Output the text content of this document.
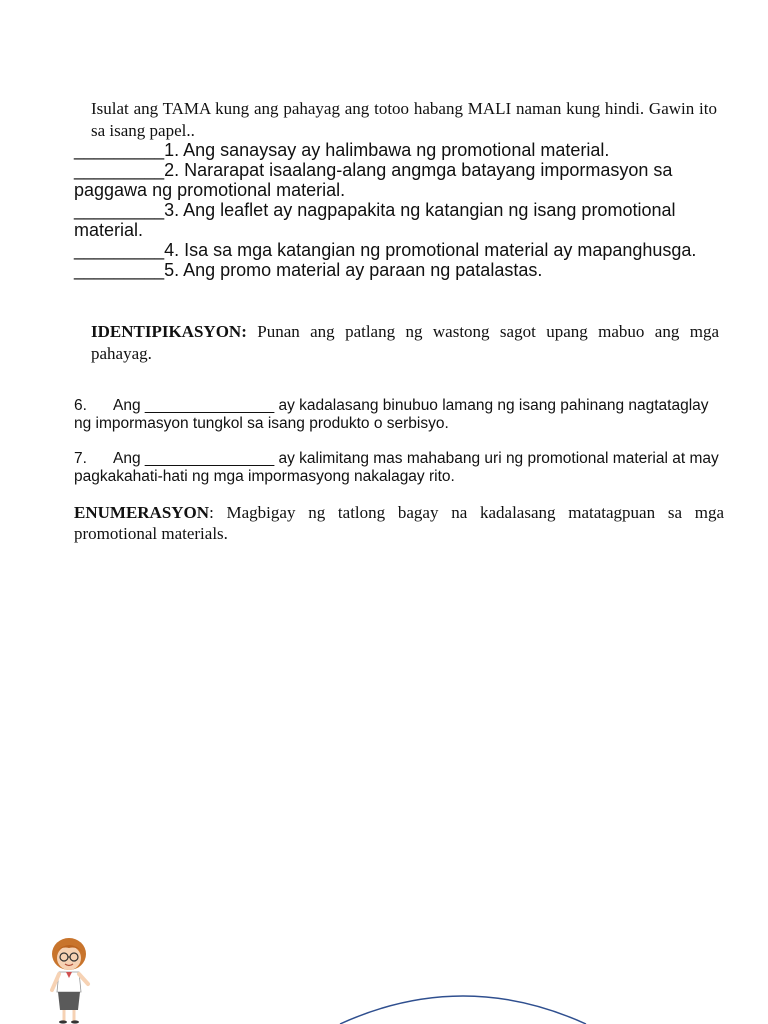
Isulat ang TAMA kung ang pahayag ang totoo habang MALI naman kung hindi. Gawin ito sa isang papel..

_________1. Ang sanaysay ay halimbawa ng promotional material.

_________2. Nararapat isaalang-alang angmga batayang impormasyon sa paggawa ng promotional material.

_________3. Ang leaflet ay nagpapakita ng katangian ng isang promotional material.

_________4. Isa sa mga katangian ng promotional material ay mapanghusga.

_________5. Ang promo material ay paraan ng patalastas.

IDENTIPIKASYON: Punan ang patlang ng wastong sagot upang mabuo ang mga pahayag.
6. Ang _______________ ay kadalasang binubuo lamang ng isang pahinang nagtataglay ng impormasyon tungkol sa isang produkto o serbisyo.
7. Ang _______________ ay kalimitang mas mahabang uri ng promotional material at may pagkakahati-hati ng mga impormasyong nakalagay rito.
ENUMERASYON: Magbigay ng tatlong bagay na kadalasang matatagpuan sa mga promotional materials.
